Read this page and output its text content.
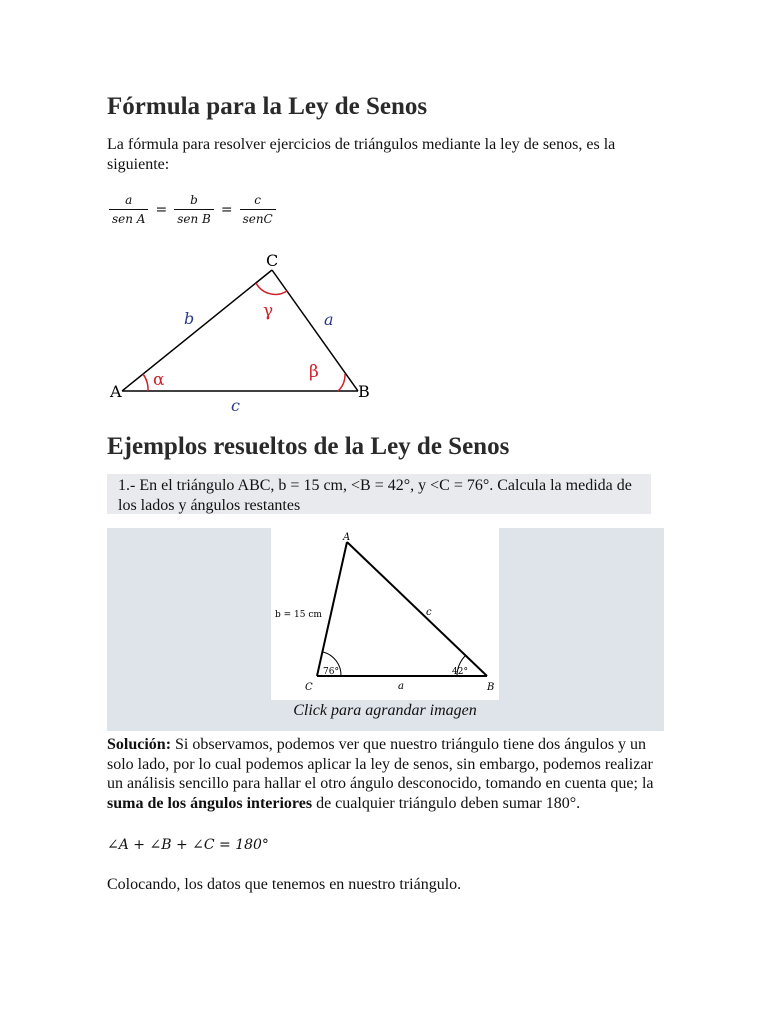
Fórmula para la Ley de Senos

La fórmula para resolver ejercicios de triángulos mediante la ley de senos, es la siguiente:

$\frac{a}{\text{sen A}} = \frac{b}{\text{sen B}} = \frac{c}{\text{senC}}$
A	B
C
b	a
c
α	β
γ
Ejemplos resueltos de la Ley de Senos
1.- En el triángulo ABC, b = 15 cm, <B = 42°, y <C = 76°. Calcula la medida de los lados y ángulos restantes
A
C	B
b = 15 cm	c
a
76°	42°
Click para agrandar imagen
Solución: Si observamos, podemos ver que nuestro triángulo tiene dos ángulos y un solo lado, por lo cual podemos aplicar la ley de senos, sin embargo, podemos realizar un análisis sencillo para hallar el otro ángulo desconocido, tomando en cuenta que; la suma de los ángulos interiores de cualquier triángulo deben sumar 180°.
∠A + ∠B + ∠C = 180°
Colocando, los datos que tenemos en nuestro triángulo.
